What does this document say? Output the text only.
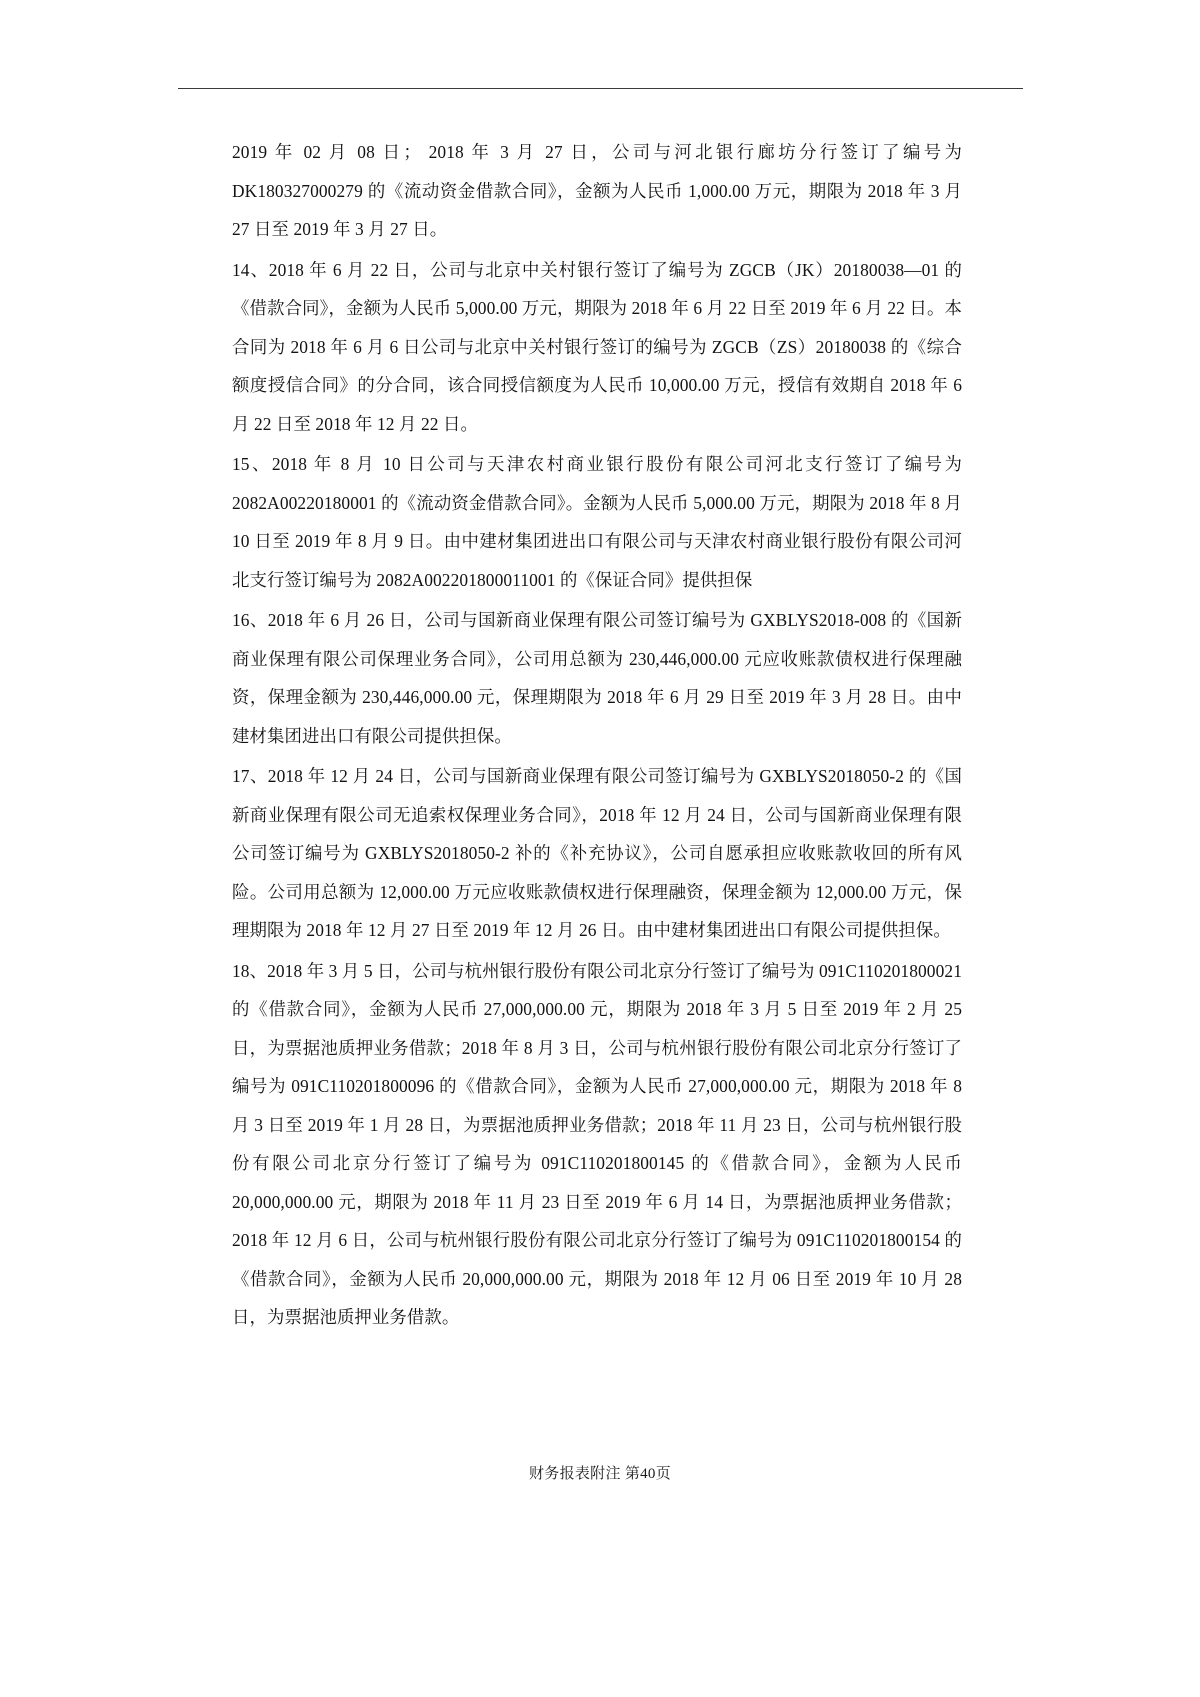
2019 年 02 月 08 日； 2018 年 3 月 27 日，公司与河北银行廊坊分行签订了编号为 DK180327000279 的《流动资金借款合同》，金额为人民币 1,000.00 万元，期限为 2018 年 3 月 27 日至 2019 年 3 月 27 日。

14、2018 年 6 月 22 日，公司与北京中关村银行签订了编号为 ZGCB（JK）20180038—01 的《借款合同》，金额为人民币 5,000.00 万元，期限为 2018 年 6 月 22 日至 2019 年 6 月 22 日。本合同为 2018 年 6 月 6 日公司与北京中关村银行签订的编号为 ZGCB（ZS）20180038 的《综合额度授信合同》的分合同，该合同授信额度为人民币 10,000.00 万元，授信有效期自 2018 年 6 月 22 日至 2018 年 12 月 22 日。

15、2018 年 8 月 10 日公司与天津农村商业银行股份有限公司河北支行签订了编号为 2082A00220180001 的《流动资金借款合同》。金额为人民币 5,000.00 万元，期限为 2018 年 8 月 10 日至 2019 年 8 月 9 日。由中建材集团进出口有限公司与天津农村商业银行股份有限公司河北支行签订编号为 2082A002201800011001 的《保证合同》提供担保

16、2018 年 6 月 26 日，公司与国新商业保理有限公司签订编号为 GXBLYS2018-008 的《国新商业保理有限公司保理业务合同》，公司用总额为 230,446,000.00 元应收账款债权进行保理融资，保理金额为 230,446,000.00 元，保理期限为 2018 年 6 月 29 日至 2019 年 3 月 28 日。由中建材集团进出口有限公司提供担保。

17、2018 年 12 月 24 日，公司与国新商业保理有限公司签订编号为 GXBLYS2018050-2 的《国新商业保理有限公司无追索权保理业务合同》，2018 年 12 月 24 日，公司与国新商业保理有限公司签订编号为 GXBLYS2018050-2 补的《补充协议》，公司自愿承担应收账款收回的所有风险。公司用总额为 12,000.00 万元应收账款债权进行保理融资，保理金额为 12,000.00 万元，保理期限为 2018 年 12 月 27 日至 2019 年 12 月 26 日。由中建材集团进出口有限公司提供担保。

18、2018 年 3 月 5 日，公司与杭州银行股份有限公司北京分行签订了编号为 091C110201800021 的《借款合同》，金额为人民币 27,000,000.00 元，期限为 2018 年 3 月 5 日至 2019 年 2 月 25 日，为票据池质押业务借款；2018 年 8 月 3 日，公司与杭州银行股份有限公司北京分行签订了编号为 091C110201800096 的《借款合同》，金额为人民币 27,000,000.00 元，期限为 2018 年 8 月 3 日至 2019 年 1 月 28 日，为票据池质押业务借款；2018 年 11 月 23 日，公司与杭州银行股份有限公司北京分行签订了编号为 091C110201800145 的《借款合同》，金额为人民币 20,000,000.00 元，期限为 2018 年 11 月 23 日至 2019 年 6 月 14 日，为票据池质押业务借款；2018 年 12 月 6 日，公司与杭州银行股份有限公司北京分行签订了编号为 091C110201800154 的《借款合同》，金额为人民币 20,000,000.00 元，期限为 2018 年 12 月 06 日至 2019 年 10 月 28 日，为票据池质押业务借款。

财务报表附注 第40页
